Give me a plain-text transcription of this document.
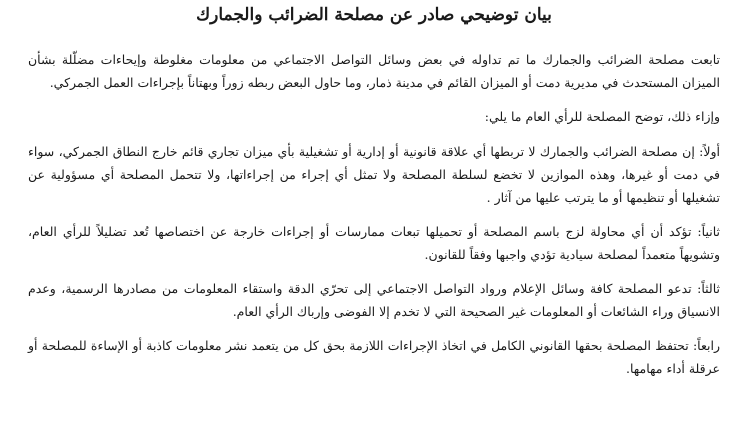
بيان توضيحي صادر عن مصلحة الضرائب والجمارك

تابعت مصلحة الضرائب والجمارك ما تم تداوله في بعض وسائل التواصل الاجتماعي من معلومات مغلوطة وإيحاءات مضلّلة بشأن الميزان المستحدث في مديرية دمت أو الميزان القائم في مدينة ذمار، وما حاول البعض ربطه زوراً وبهتاناً بإجراءات العمل الجمركي.

وإزاء ذلك، توضح المصلحة للرأي العام ما يلي:

أولاً: إن مصلحة الضرائب والجمارك لا تربطها أي علاقة قانونية أو إدارية أو تشغيلية بأي ميزان تجاري قائم خارج النطاق الجمركي، سواء في دمت أو غيرها، وهذه الموازين لا تخضع لسلطة المصلحة ولا تمثل أي إجراء من إجراءاتها، ولا تتحمل المصلحة أي مسؤولية عن تشغيلها أو تنظيمها أو ما يترتب عليها من آثار .

ثانياً: تؤكد أن أي محاولة لزج باسم المصلحة أو تحميلها تبعات ممارسات أو إجراءات خارجة عن اختصاصها تُعد تضليلاً للرأي العام، وتشويهاً متعمداً لمصلحة سيادية تؤدي واجبها وفقاً للقانون.

ثالثاً: تدعو المصلحة كافة وسائل الإعلام ورواد التواصل الاجتماعي إلى تحرّي الدقة واستقاء المعلومات من مصادرها الرسمية، وعدم الانسياق وراء الشائعات أو المعلومات غير الصحيحة التي لا تخدم إلا الفوضى وإرباك الرأي العام.

رابعاً: تحتفظ المصلحة بحقها القانوني الكامل في اتخاذ الإجراءات اللازمة بحق كل من يتعمد نشر معلومات كاذبة أو الإساءة للمصلحة أو عرقلة أداء مهامها.
